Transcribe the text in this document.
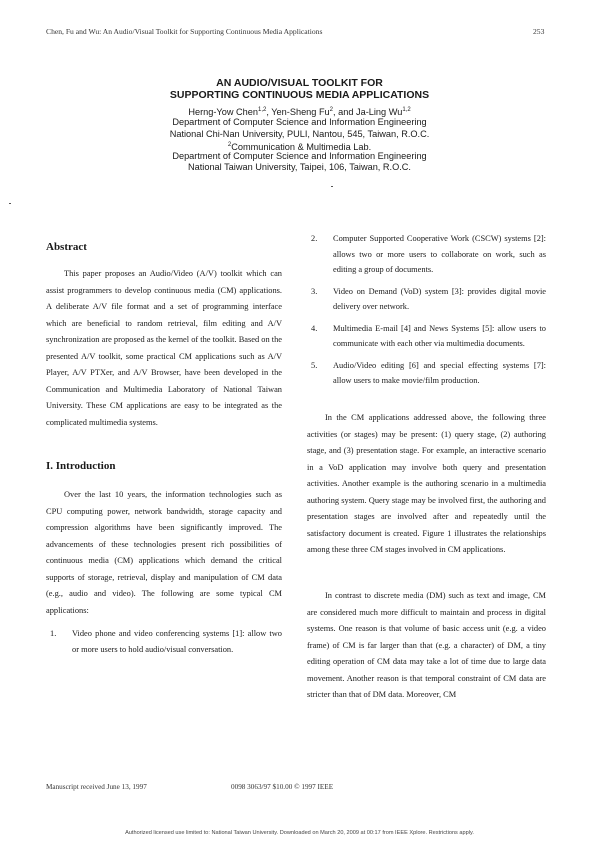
Chen, Fu and Wu: An Audio/Visual Toolkit for Supporting Continuous Media Applications	253
AN AUDIO/VISUAL TOOLKIT FOR
SUPPORTING CONTINUOUS MEDIA APPLICATIONS
Herng-Yow Chen$^{1,2}$, Yen-Sheng Fu$^2$, and Ja-Ling Wu$^{1,2}$
Department of Computer Science and Information Engineering
National Chi-Nan University, PULI, Nantou, 545, Taiwan, R.O.C.
$^2$Communication & Multimedia Lab.
Department of Computer Science and Information Engineering
National Taiwan University, Taipei, 106, Taiwan, R.O.C.
Abstract
This paper proposes an Audio/Video (A/V) toolkit which can assist programmers to develop continuous media (CM) applications. A deliberate A/V file format and a set of programming interface which are beneficial to random retrieval, film editing and A/V synchronization are proposed as the kernel of the toolkit. Based on the presented A/V toolkit, some practical CM applications such as A/V Player, A/V PTXer, and A/V Browser, have been developed in the Communication and Multimedia Laboratory of National Taiwan University. These CM applications are easy to be integrated as the complicated multimedia systems.
I. Introduction
Over the last 10 years, the information technologies such as CPU computing power, network bandwidth, storage capacity and compression algorithms have been significantly improved. The advancements of these technologies present rich possibilities of continuous media (CM) applications which demand the critical supports of storage, retrieval, display and manipulation of CM data (e.g., audio and video). The following are some typical CM applications:
1. Video phone and video conferencing systems [1]: allow two or more users to hold audio/visual conversation.
2. Computer Supported Cooperative Work (CSCW) systems [2]: allows two or more users to collaborate on work, such as editing a group of documents.
3. Video on Demand (VoD) system [3]: provides digital movie delivery over network.
4. Multimedia E-mail [4] and News Systems [5]: allow users to communicate with each other via multimedia documents.
5. Audio/Video editing [6] and special effecting systems [7]: allow users to make movie/film production.
In the CM applications addressed above, the following three activities (or stages) may be present: (1) query stage, (2) authoring stage, and (3) presentation stage. For example, an interactive scenario in a VoD application may involve both query and presentation activities. Another example is the authoring scenario in a multimedia authoring system. Query stage may be involved first, the authoring and presentation stages are involved after and repeatedly until the satisfactory document is created. Figure 1 illustrates the relationships among these three CM stages involved in CM applications.
In contrast to discrete media (DM) such as text and image, CM are considered much more difficult to maintain and process in digital systems. One reason is that volume of basic access unit (e.g. a video frame) of CM is far larger than that (e.g. a character) of DM, a tiny editing operation of CM data may take a lot of time due to large data movement. Another reason is that temporal constraint of CM data are stricter than that of DM data. Moreover, CM
Manuscript received June 13, 1997	0098 3063/97 $10.00 © 1997 IEEE
Authorized licensed use limited to: National Taiwan University. Downloaded on March 20, 2009 at 00:17 from IEEE Xplore. Restrictions apply.
